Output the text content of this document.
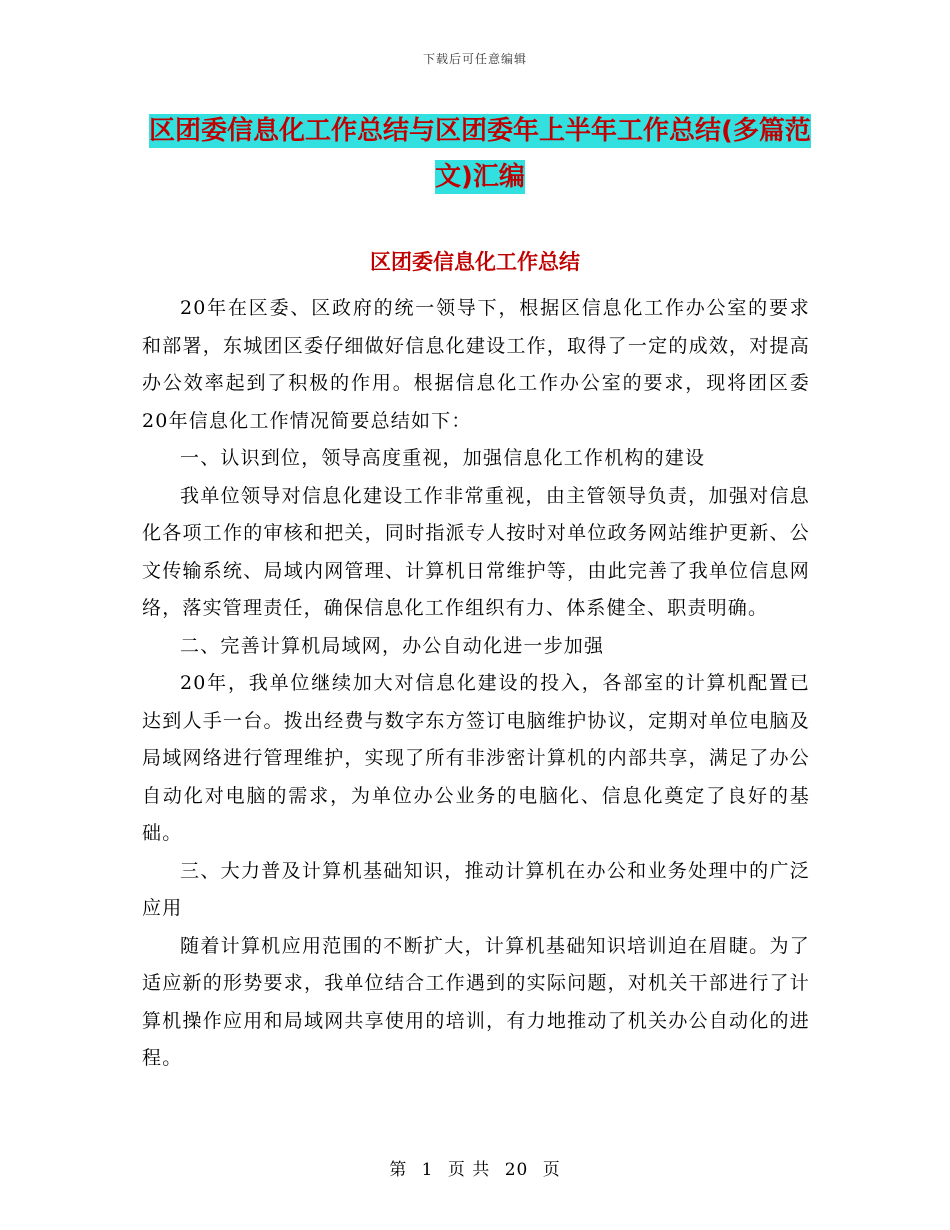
下载后可任意编辑
区团委信息化工作总结与区团委年上半年工作总结(多篇范文)汇编
区团委信息化工作总结

20年在区委、区政府的统一领导下，根据区信息化工作办公室的要求和部署，东城团区委仔细做好信息化建设工作，取得了一定的成效，对提高办公效率起到了积极的作用。根据信息化工作办公室的要求，现将团区委20年信息化工作情况简要总结如下：

一、认识到位，领导高度重视，加强信息化工作机构的建设

我单位领导对信息化建设工作非常重视，由主管领导负责，加强对信息化各项工作的审核和把关，同时指派专人按时对单位政务网站维护更新、公文传输系统、局域内网管理、计算机日常维护等，由此完善了我单位信息网络，落实管理责任，确保信息化工作组织有力、体系健全、职责明确。

二、完善计算机局域网，办公自动化进一步加强

20年，我单位继续加大对信息化建设的投入，各部室的计算机配置已达到人手一台。拨出经费与数字东方签订电脑维护协议，定期对单位电脑及局域网络进行管理维护，实现了所有非涉密计算机的内部共享，满足了办公自动化对电脑的需求，为单位办公业务的电脑化、信息化奠定了良好的基础。

三、大力普及计算机基础知识，推动计算机在办公和业务处理中的广泛应用

随着计算机应用范围的不断扩大，计算机基础知识培训迫在眉睫。为了适应新的形势要求，我单位结合工作遇到的实际问题，对机关干部进行了计算机操作应用和局域网共享使用的培训，有力地推动了机关办公自动化的进程。

第 1 页 共 20 页
